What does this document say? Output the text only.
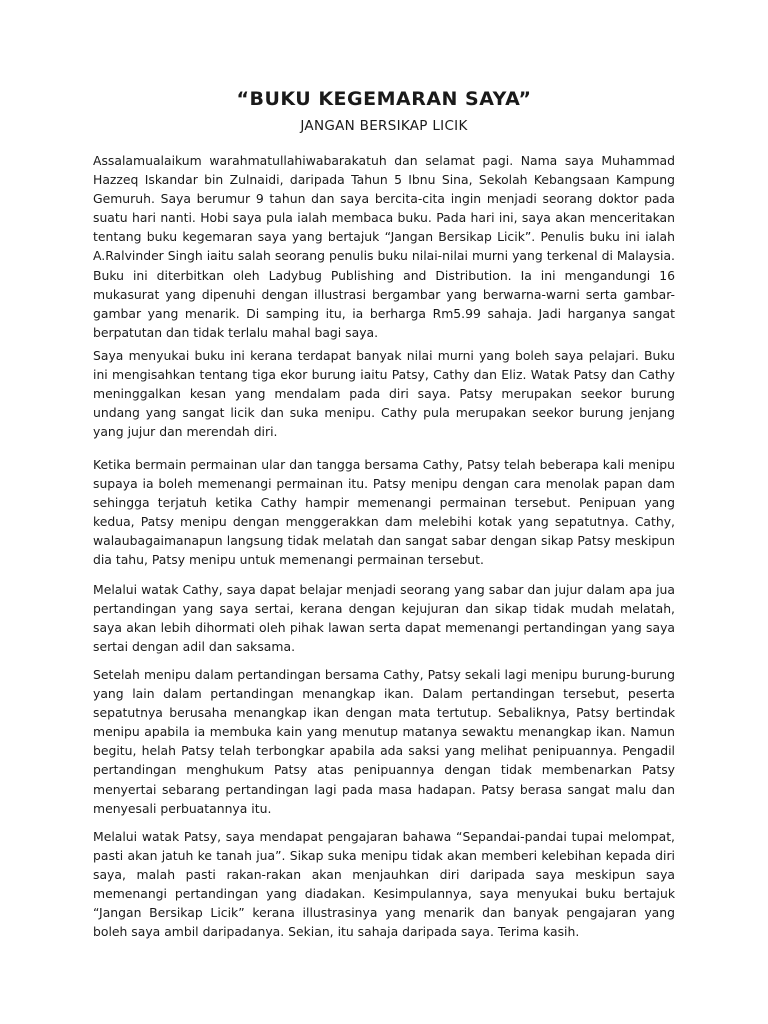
“BUKU KEGEMARAN SAYA”
JANGAN BERSIKAP LICIK

Assalamualaikum warahmatullahiwabarakatuh dan selamat pagi. Nama saya Muhammad Hazzeq Iskandar bin Zulnaidi, daripada Tahun 5 Ibnu Sina, Sekolah Kebangsaan Kampung Gemuruh. Saya berumur 9 tahun dan saya bercita-cita ingin menjadi seorang doktor pada suatu hari nanti. Hobi saya pula ialah membaca buku. Pada hari ini, saya akan menceritakan tentang buku kegemaran saya yang bertajuk “Jangan Bersikap Licik”. Penulis buku ini ialah A.Ralvinder Singh iaitu salah seorang penulis buku nilai-nilai murni yang terkenal di Malaysia. Buku ini diterbitkan oleh Ladybug Publishing and Distribution. Ia ini mengandungi 16 mukasurat yang dipenuhi dengan illustrasi bergambar yang berwarna-warni serta gambar-gambar yang menarik. Di samping itu, ia berharga Rm5.99 sahaja. Jadi harganya sangat berpatutan dan tidak terlalu mahal bagi saya.

Saya menyukai buku ini kerana terdapat banyak nilai murni yang boleh saya pelajari. Buku ini mengisahkan tentang tiga ekor burung iaitu Patsy, Cathy dan Eliz. Watak Patsy dan Cathy meninggalkan kesan yang mendalam pada diri saya. Patsy merupakan seekor burung undang yang sangat licik dan suka menipu. Cathy pula merupakan seekor burung jenjang yang jujur dan merendah diri.

Ketika bermain permainan ular dan tangga bersama Cathy, Patsy telah beberapa kali menipu supaya ia boleh memenangi permainan itu. Patsy menipu dengan cara menolak papan dam sehingga terjatuh ketika Cathy hampir memenangi permainan tersebut. Penipuan yang kedua, Patsy menipu dengan menggerakkan dam melebihi kotak yang sepatutnya. Cathy, walaubagaimanapun langsung tidak melatah dan sangat sabar dengan sikap Patsy meskipun dia tahu, Patsy menipu untuk memenangi permainan tersebut.

Melalui watak Cathy, saya dapat belajar menjadi seorang yang sabar dan jujur dalam apa jua pertandingan yang saya sertai, kerana dengan kejujuran dan sikap tidak mudah melatah, saya akan lebih dihormati oleh pihak lawan serta dapat memenangi pertandingan yang saya sertai dengan adil dan saksama.

Setelah menipu dalam pertandingan bersama Cathy, Patsy sekali lagi menipu burung-burung yang lain dalam pertandingan menangkap ikan. Dalam pertandingan tersebut, peserta sepatutnya berusaha menangkap ikan dengan mata tertutup. Sebaliknya, Patsy bertindak menipu apabila ia membuka kain yang menutup matanya sewaktu menangkap ikan. Namun begitu, helah Patsy telah terbongkar apabila ada saksi yang melihat penipuannya. Pengadil pertandingan menghukum Patsy atas penipuannya dengan tidak membenarkan Patsy menyertai sebarang pertandingan lagi pada masa hadapan. Patsy berasa sangat malu dan menyesali perbuatannya itu.

Melalui watak Patsy, saya mendapat pengajaran bahawa “Sepandai-pandai tupai melompat, pasti akan jatuh ke tanah jua”. Sikap suka menipu tidak akan memberi kelebihan kepada diri saya, malah pasti rakan-rakan akan menjauhkan diri daripada saya meskipun saya memenangi pertandingan yang diadakan. Kesimpulannya, saya menyukai buku bertajuk “Jangan Bersikap Licik” kerana illustrasinya yang menarik dan banyak pengajaran yang boleh saya ambil daripadanya. Sekian, itu sahaja daripada saya. Terima kasih.
